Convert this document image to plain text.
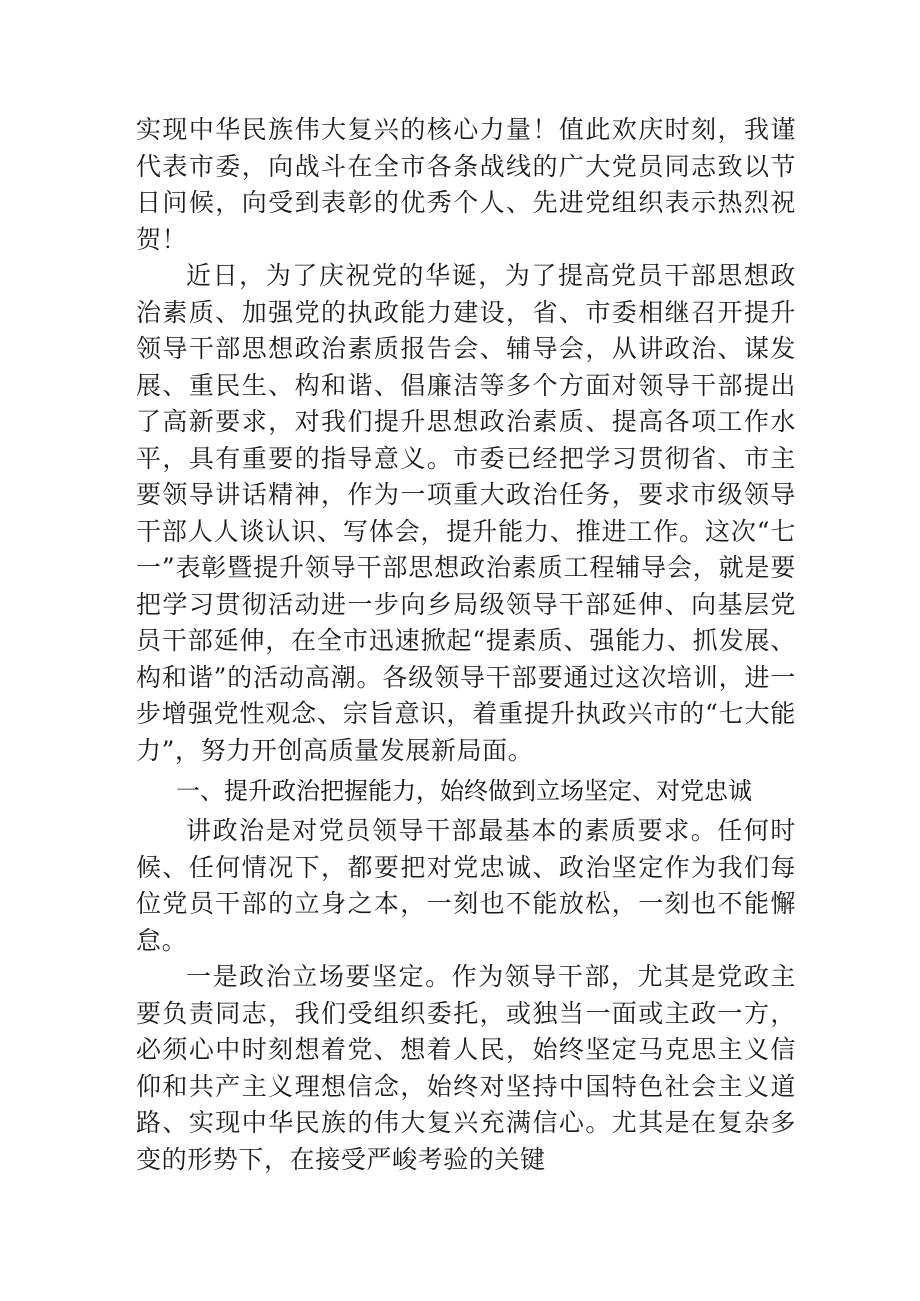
实现中华民族伟大复兴的核心力量！值此欢庆时刻，我谨代表市委，向战斗在全市各条战线的广大党员同志致以节日问候，向受到表彰的优秀个人、先进党组织表示热烈祝贺！

近日，为了庆祝党的华诞，为了提高党员干部思想政治素质、加强党的执政能力建设，省、市委相继召开提升领导干部思想政治素质报告会、辅导会，从讲政治、谋发展、重民生、构和谐、倡廉洁等多个方面对领导干部提出了高新要求，对我们提升思想政治素质、提高各项工作水平，具有重要的指导意义。市委已经把学习贯彻省、市主要领导讲话精神，作为一项重大政治任务，要求市级领导干部人人谈认识、写体会，提升能力、推进工作。这次“七一”表彰暨提升领导干部思想政治素质工程辅导会，就是要把学习贯彻活动进一步向乡局级领导干部延伸、向基层党员干部延伸，在全市迅速掀起“提素质、强能力、抓发展、构和谐”的活动高潮。各级领导干部要通过这次培训，进一步增强党性观念、宗旨意识，着重提升执政兴市的“七大能力”，努力开创高质量发展新局面。

一、提升政治把握能力，始终做到立场坚定、对党忠诚

讲政治是对党员领导干部最基本的素质要求。任何时候、任何情况下，都要把对党忠诚、政治坚定作为我们每位党员干部的立身之本，一刻也不能放松，一刻也不能懈怠。

一是政治立场要坚定。作为领导干部，尤其是党政主要负责同志，我们受组织委托，或独当一面或主政一方，必须心中时刻想着党、想着人民，始终坚定马克思主义信仰和共产主义理想信念，始终对坚持中国特色社会主义道路、实现中华民族的伟大复兴充满信心。尤其是在复杂多变的形势下，在接受严峻考验的关键
